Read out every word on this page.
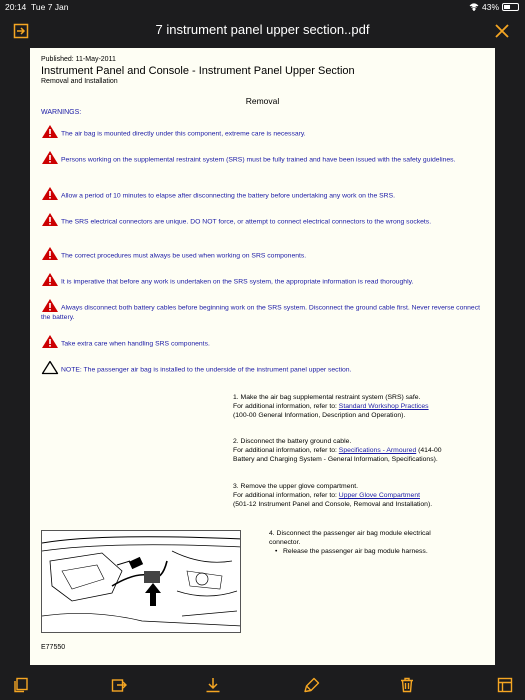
20:14 Tue 7 Jan	43%
7 instrument panel upper section..pdf
Published: 11-May-2011
Instrument Panel and Console - Instrument Panel Upper Section
Removal and Installation
Removal
WARNINGS:
The air bag is mounted directly under this component, extreme care is necessary.
Persons working on the supplemental restraint system (SRS) must be fully trained and have been issued with the safety guidelines.
Allow a period of 10 minutes to elapse after disconnecting the battery before undertaking any work on the SRS.
The SRS electrical connectors are unique. DO NOT force, or attempt to connect electrical connectors to the wrong sockets.
The correct procedures must always be used when working on SRS components.
It is imperative that before any work is undertaken on the SRS system, the appropriate information is read thoroughly.
Always disconnect both battery cables before beginning work on the SRS system. Disconnect the ground cable first. Never reverse connect the battery.
Take extra care when handling SRS components.
NOTE: The passenger air bag is installed to the underside of the instrument panel upper section.
1. Make the air bag supplemental restraint system (SRS) safe.
For additional information, refer to: Standard Workshop Practices
(100-00 General Information, Description and Operation).
2. Disconnect the battery ground cable.
For additional information, refer to: Specifications - Armoured (414-00
Battery and Charging System - General Information, Specifications).
3. Remove the upper glove compartment.
For additional information, refer to: Upper Glove Compartment
(501-12 Instrument Panel and Console, Removal and Installation).
4. Disconnect the passenger air bag module electrical
connector.
• Release the passenger air bag module harness.
E77550
